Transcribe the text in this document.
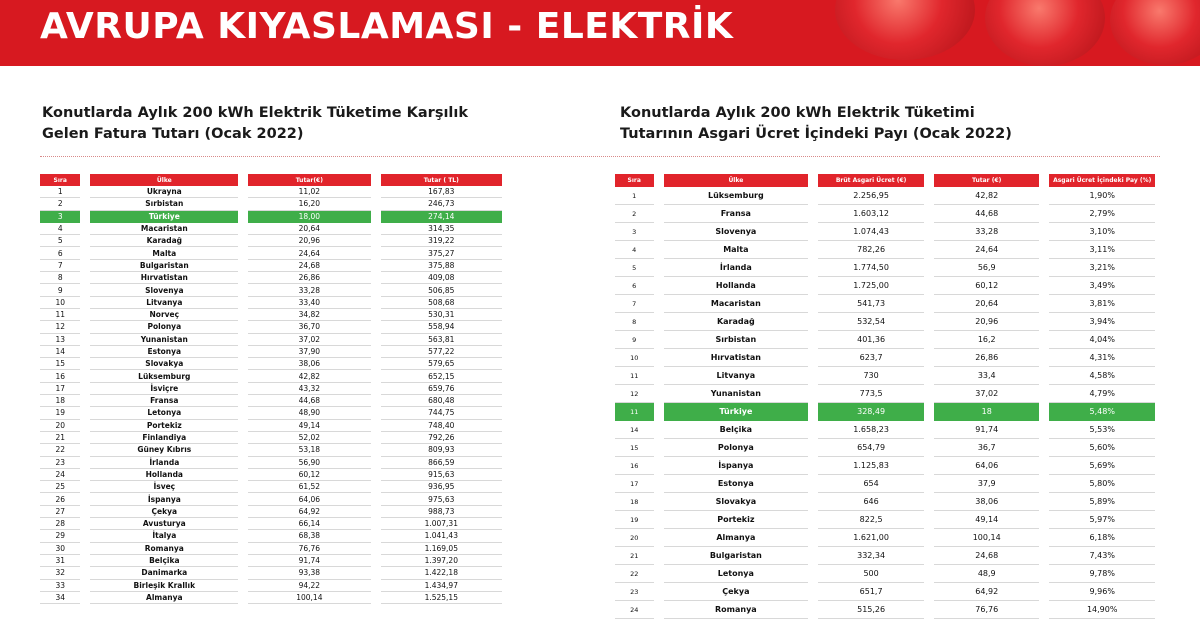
AVRUPA KIYASLAMASI - ELEKTRİK
Konutlarda Aylık 200 kWh Elektrik Tüketime Karşılık
Gelen Fatura Tutarı (Ocak 2022)
Konutlarda Aylık 200 kWh Elektrik Tüketimi
Tutarının Asgari Ücret İçindeki Payı (Ocak 2022)
Sıra	Ülke	Tutar(€)	Tutar ( TL)
1	Ukrayna	11,02	167,83
2	Sırbistan	16,20	246,73
3	Türkiye	18,00	274,14
4	Macaristan	20,64	314,35
5	Karadağ	20,96	319,22
6	Malta	24,64	375,27
7	Bulgaristan	24,68	375,88
8	Hırvatistan	26,86	409,08
9	Slovenya	33,28	506,85
10	Litvanya	33,40	508,68
11	Norveç	34,82	530,31
12	Polonya	36,70	558,94
13	Yunanistan	37,02	563,81
14	Estonya	37,90	577,22
15	Slovakya	38,06	579,65
16	Lüksemburg	42,82	652,15
17	İsviçre	43,32	659,76
18	Fransa	44,68	680,48
19	Letonya	48,90	744,75
20	Portekiz	49,14	748,40
21	Finlandiya	52,02	792,26
22	Güney Kıbrıs	53,18	809,93
23	İrlanda	56,90	866,59
24	Hollanda	60,12	915,63
25	İsveç	61,52	936,95
26	İspanya	64,06	975,63
27	Çekya	64,92	988,73
28	Avusturya	66,14	1.007,31
29	İtalya	68,38	1.041,43
30	Romanya	76,76	1.169,05
31	Belçika	91,74	1.397,20
32	Danimarka	93,38	1.422,18
33	Birleşik Krallık	94,22	1.434,97
34	Almanya	100,14	1.525,15
Sıra	Ülke	Brüt Asgari Ücret (€)	Tutar (€)	Asgari Ücret İçindeki Pay (%)
1	Lüksemburg	2.256,95	42,82	1,90%
2	Fransa	1.603,12	44,68	2,79%
3	Slovenya	1.074,43	33,28	3,10%
4	Malta	782,26	24,64	3,11%
5	İrlanda	1.774,50	56,9	3,21%
6	Hollanda	1.725,00	60,12	3,49%
7	Macaristan	541,73	20,64	3,81%
8	Karadağ	532,54	20,96	3,94%
9	Sırbistan	401,36	16,2	4,04%
10	Hırvatistan	623,7	26,86	4,31%
11	Litvanya	730	33,4	4,58%
12	Yunanistan	773,5	37,02	4,79%
11	Türkiye	328,49	18	5,48%
14	Belçika	1.658,23	91,74	5,53%
15	Polonya	654,79	36,7	5,60%
16	İspanya	1.125,83	64,06	5,69%
17	Estonya	654	37,9	5,80%
18	Slovakya	646	38,06	5,89%
19	Portekiz	822,5	49,14	5,97%
20	Almanya	1.621,00	100,14	6,18%
21	Bulgaristan	332,34	24,68	7,43%
22	Letonya	500	48,9	9,78%
23	Çekya	651,7	64,92	9,96%
24	Romanya	515,26	76,76	14,90%
